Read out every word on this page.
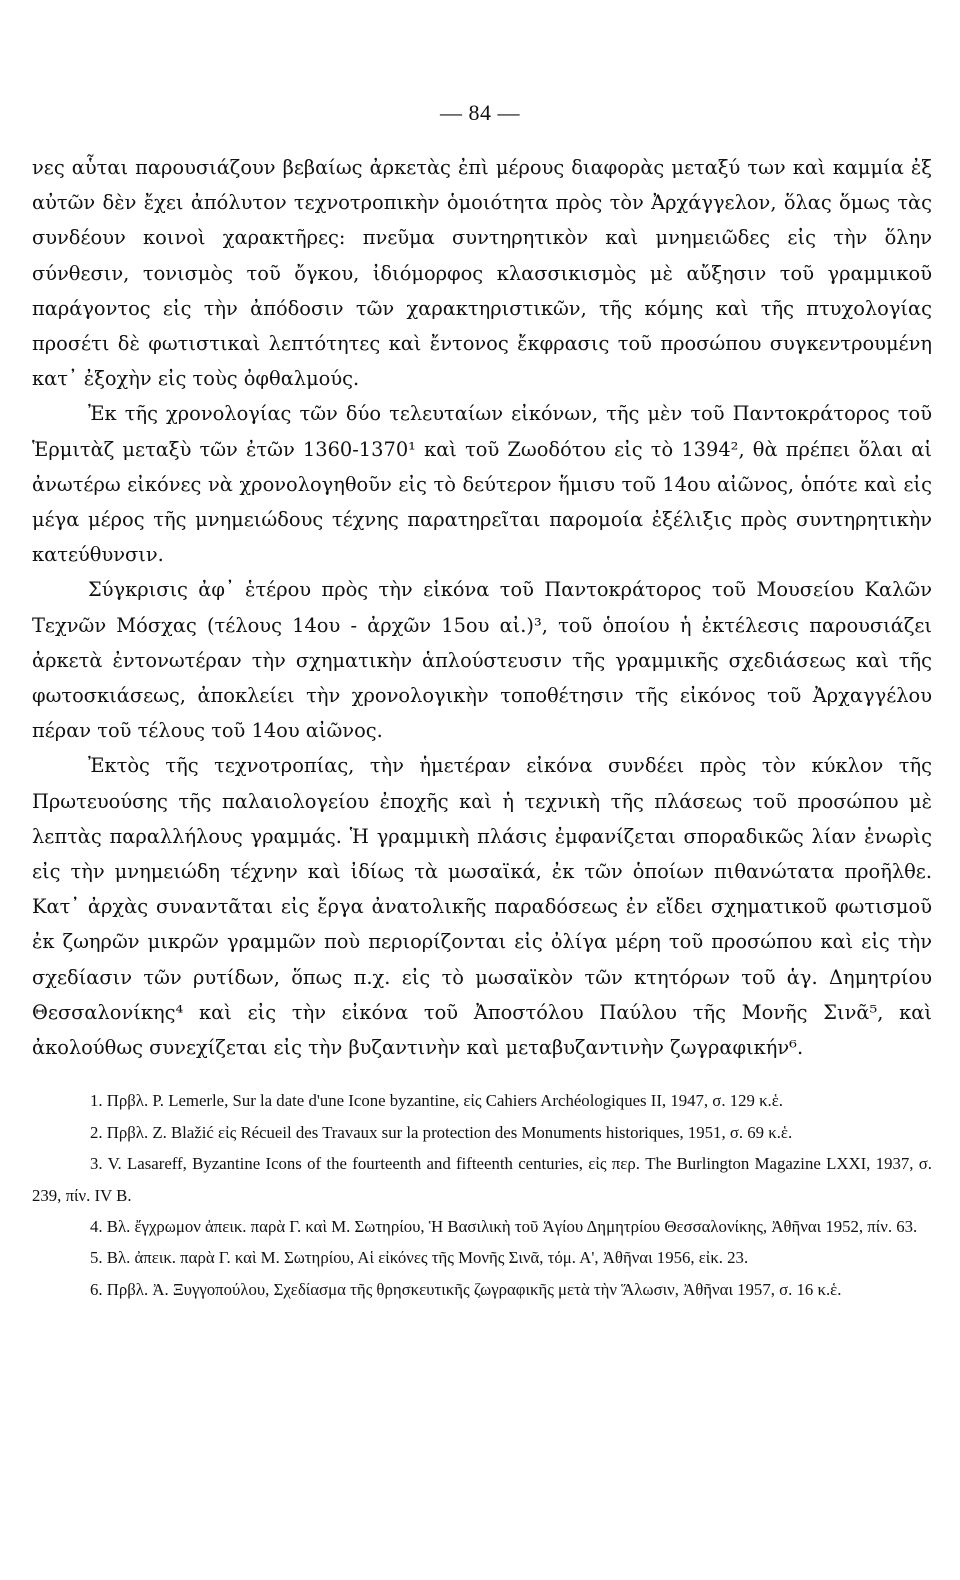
— 84 —

νες αὗται παρουσιάζουν βεβαίως ἀρκετὰς ἐπὶ μέρους διαφορὰς μεταξύ των καὶ καμμία ἐξ αὐτῶν δὲν ἔχει ἀπόλυτον τεχνοτροπικὴν ὁμοιότητα πρὸς τὸν Ἀρχάγγελον, ὅλας ὅμως τὰς συνδέουν κοινοὶ χαρακτῆρες: πνεῦμα συντηρητικὸν καὶ μνημειῶδες εἰς τὴν ὅλην σύνθεσιν, τονισμὸς τοῦ ὄγκου, ἰδιόμορφος κλασσικισμὸς μὲ αὔξησιν τοῦ γραμμικοῦ παράγοντος εἰς τὴν ἀπόδοσιν τῶν χαρακτηριστικῶν, τῆς κόμης καὶ τῆς πτυχολογίας προσέτι δὲ φωτιστικαὶ λεπτότητες καὶ ἔντονος ἔκφρασις τοῦ προσώπου συγκεντρουμένη κατ᾽ ἐξοχὴν εἰς τοὺς ὀφθαλμούς.

Ἐκ τῆς χρονολογίας τῶν δύο τελευταίων εἰκόνων, τῆς μὲν τοῦ Παντοκράτορος τοῦ Ἑρμιτὰζ μεταξὺ τῶν ἐτῶν 1360-1370¹ καὶ τοῦ Ζωοδότου εἰς τὸ 1394², θὰ πρέπει ὅλαι αἱ ἀνωτέρω εἰκόνες νὰ χρονολογηθοῦν εἰς τὸ δεύτερον ἥμισυ τοῦ 14ου αἰῶνος, ὁπότε καὶ εἰς μέγα μέρος τῆς μνημειώδους τέχνης παρατηρεῖται παρομοία ἐξέλιξις πρὸς συντηρητικὴν κατεύθυνσιν.

Σύγκρισις ἀφ᾽ ἑτέρου πρὸς τὴν εἰκόνα τοῦ Παντοκράτορος τοῦ Μουσείου Καλῶν Τεχνῶν Μόσχας (τέλους 14ου - ἀρχῶν 15ου αἰ.)³, τοῦ ὁποίου ἡ ἐκτέλεσις παρουσιάζει ἀρκετὰ ἐντονωτέραν τὴν σχηματικὴν ἁπλούστευσιν τῆς γραμμικῆς σχεδιάσεως καὶ τῆς φωτοσκιάσεως, ἀποκλείει τὴν χρονολογικὴν τοποθέτησιν τῆς εἰκόνος τοῦ Ἀρχαγγέλου πέραν τοῦ τέλους τοῦ 14ου αἰῶνος.

Ἐκτὸς τῆς τεχνοτροπίας, τὴν ἡμετέραν εἰκόνα συνδέει πρὸς τὸν κύκλον τῆς Πρωτευούσης τῆς παλαιολογείου ἐποχῆς καὶ ἡ τεχνικὴ τῆς πλάσεως τοῦ προσώπου μὲ λεπτὰς παραλλήλους γραμμάς. Ἡ γραμμικὴ πλάσις ἐμφανίζεται σποραδικῶς λίαν ἐνωρὶς εἰς τὴν μνημειώδη τέχνην καὶ ἰδίως τὰ μωσαϊκά, ἐκ τῶν ὁποίων πιθανώτατα προῆλθε. Κατ᾽ ἀρχὰς συναντᾶται εἰς ἔργα ἀνατολικῆς παραδόσεως ἐν εἴδει σχηματικοῦ φωτισμοῦ ἐκ ζωηρῶν μικρῶν γραμμῶν ποὺ περιορίζονται εἰς ὀλίγα μέρη τοῦ προσώπου καὶ εἰς τὴν σχεδίασιν τῶν ρυτίδων, ὅπως π.χ. εἰς τὸ μωσαϊκὸν τῶν κτητόρων τοῦ ἁγ. Δημητρίου Θεσσαλονίκης⁴ καὶ εἰς τὴν εἰκόνα τοῦ Ἀποστόλου Παύλου τῆς Μονῆς Σινᾶ⁵, καὶ ἀκολούθως συνεχίζεται εἰς τὴν βυζαντινὴν καὶ μεταβυζαντινὴν ζωγραφικήν⁶.

1. Πρβλ. P. Lemerle, Sur la date d'une Icone byzantine, εἰς Cahiers Archéologiques II, 1947, σ. 129 κ.ἑ.

2. Πρβλ. Z. Blažić εἰς Récueil des Travaux sur la protection des Monuments historiques, 1951, σ. 69 κ.ἑ.

3. V. Lasareff, Byzantine Icons of the fourteenth and fifteenth centuries, εἰς περ. The Burlington Magazine LXXI, 1937, σ. 239, πίν. IV B.

4. Βλ. ἔγχρωμον ἀπεικ. παρὰ Γ. καὶ Μ. Σωτηρίου, Ἡ Βασιλικὴ τοῦ Ἁγίου Δημητρίου Θεσσαλονίκης, Ἀθῆναι 1952, πίν. 63.

5. Βλ. ἀπεικ. παρὰ Γ. καὶ Μ. Σωτηρίου, Αἱ εἰκόνες τῆς Μονῆς Σινᾶ, τόμ. Α', Ἀθῆναι 1956, εἰκ. 23.

6. Πρβλ. Ἀ. Ξυγγοπούλου, Σχεδίασμα τῆς θρησκευτικῆς ζωγραφικῆς μετὰ τὴν Ἅλωσιν, Ἀθῆναι 1957, σ. 16 κ.ἑ.
